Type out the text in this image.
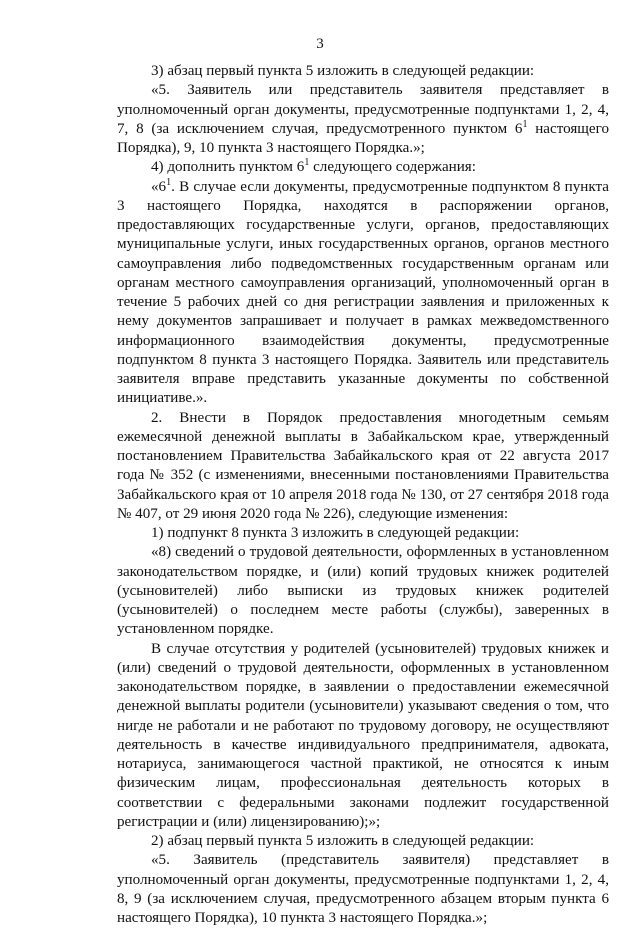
3

3) абзац первый пункта 5 изложить в следующей редакции:

«5. Заявитель или представитель заявителя представляет в уполномоченный орган документы, предусмотренные подпунктами 1, 2, 4, 7, 8 (за исключением случая, предусмотренного пунктом $6^1$ настоящего Порядка), 9, 10 пункта 3 настоящего Порядка.»;

4) дополнить пунктом $6^1$ следующего содержания:

«$6^1$. В случае если документы, предусмотренные подпунктом 8 пункта 3 настоящего Порядка, находятся в распоряжении органов, предоставляющих государственные услуги, органов, предоставляющих муниципальные услуги, иных государственных органов, органов местного самоуправления либо подведомственных государственным органам или органам местного самоуправления организаций, уполномоченный орган в течение 5 рабочих дней со дня регистрации заявления и приложенных к нему документов запрашивает и получает в рамках межведомственного информационного взаимодействия документы, предусмотренные подпунктом 8 пункта 3 настоящего Порядка. Заявитель или представитель заявителя вправе представить указанные документы по собственной инициативе.».

2. Внести в Порядок предоставления многодетным семьям ежемесячной денежной выплаты в Забайкальском крае, утвержденный постановлением Правительства Забайкальского края от 22 августа 2017 года № 352 (с изменениями, внесенными постановлениями Правительства Забайкальского края от 10 апреля 2018 года № 130, от 27 сентября 2018 года № 407, от 29 июня 2020 года № 226), следующие изменения:

1) подпункт 8 пункта 3 изложить в следующей редакции:

«8) сведений о трудовой деятельности, оформленных в установленном законодательством порядке, и (или) копий трудовых книжек родителей (усыновителей) либо выписки из трудовых книжек родителей (усыновителей) о последнем месте работы (службы), заверенных в установленном порядке.

В случае отсутствия у родителей (усыновителей) трудовых книжек и (или) сведений о трудовой деятельности, оформленных в установленном законодательством порядке, в заявлении о предоставлении ежемесячной денежной выплаты родители (усыновители) указывают сведения о том, что нигде не работали и не работают по трудовому договору, не осуществляют деятельность в качестве индивидуального предпринимателя, адвоката, нотариуса, занимающегося частной практикой, не относятся к иным физическим лицам, профессиональная деятельность которых в соответствии с федеральными законами подлежит государственной регистрации и (или) лицензированию);»;

2) абзац первый пункта 5 изложить в следующей редакции:

«5. Заявитель (представитель заявителя) представляет в уполномоченный орган документы, предусмотренные подпунктами 1, 2, 4, 8, 9 (за исключением случая, предусмотренного абзацем вторым пункта 6 настоящего Порядка), 10 пункта 3 настоящего Порядка.»;
